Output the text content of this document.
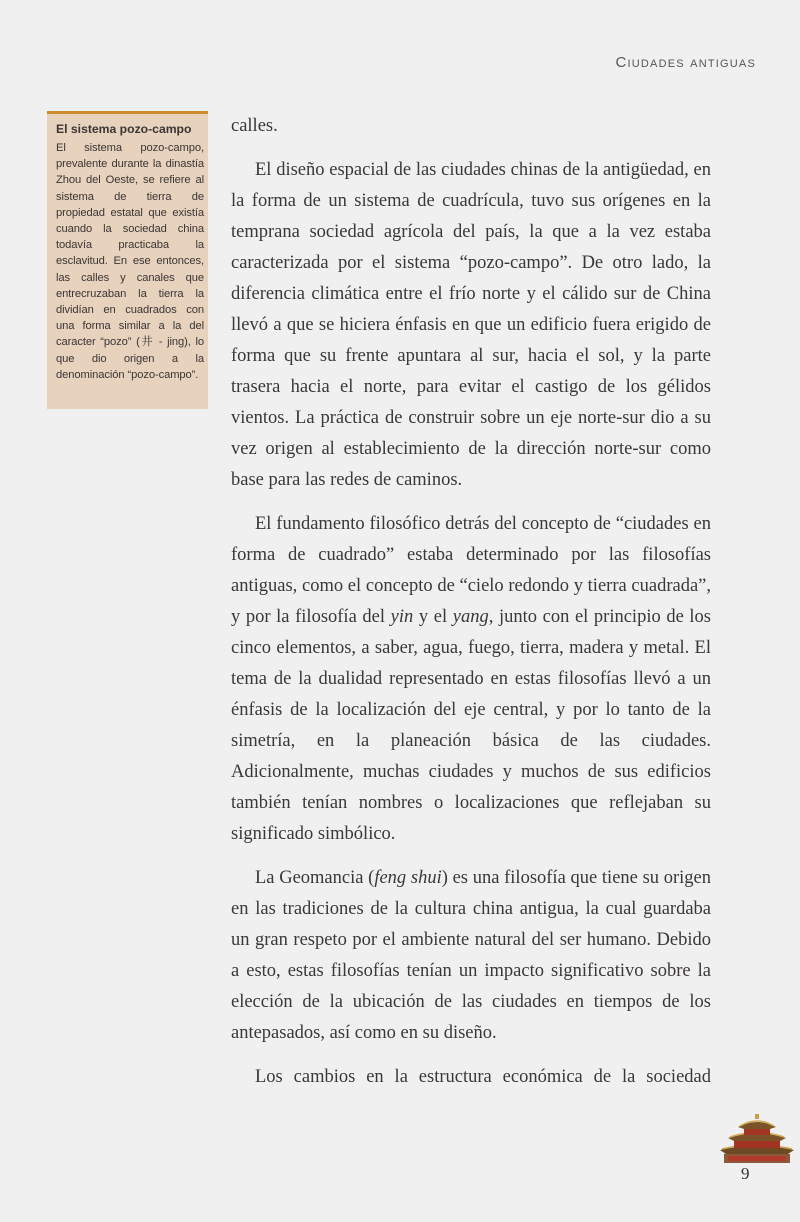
Ciudades antiguas
El sistema pozo-campo
El sistema pozo-campo, prevalente durante la dinastía Zhou del Oeste, se refiere al sistema de tierra de propiedad estatal que existía cuando la sociedad china todavía practicaba la esclavitud. En ese entonces, las calles y canales que entrecruzaban la tierra la dividían en cuadrados con una forma similar a la del caracter “pozo” (井 - jing), lo que dio origen a la denominación “pozo-campo”.

calles.

El diseño espacial de las ciudades chinas de la antigüedad, en la forma de un sistema de cuadrícula, tuvo sus orígenes en la temprana sociedad agrícola del país, la que a la vez estaba caracterizada por el sistema “pozo-campo”. De otro lado, la diferencia climática entre el frío norte y el cálido sur de China llevó a que se hiciera énfasis en que un edificio fuera erigido de forma que su frente apuntara al sur, hacia el sol, y la parte trasera hacia el norte, para evitar el castigo de los gélidos vientos. La práctica de construir sobre un eje norte-sur dio a su vez origen al establecimiento de la dirección norte-sur como base para las redes de caminos.

El fundamento filosófico detrás del concepto de “ciudades en forma de cuadrado” estaba determinado por las filosofías antiguas, como el concepto de “cielo redondo y tierra cuadrada”, y por la filosofía del yin y el yang, junto con el principio de los cinco elementos, a saber, agua, fuego, tierra, madera y metal. El tema de la dualidad representado en estas filosofías llevó a un énfasis de la localización del eje central, y por lo tanto de la simetría, en la planeación básica de las ciudades. Adicionalmente, muchas ciudades y muchos de sus edificios también tenían nombres o localizaciones que reflejaban su significado simbólico.

La Geomancia (feng shui) es una filosofía que tiene su origen en las tradiciones de la cultura china antigua, la cual guardaba un gran respeto por el ambiente natural del ser humano. Debido a esto, estas filosofías tenían un impacto significativo sobre la elección de la ubicación de las ciudades en tiempos de los antepasados, así como en su diseño.

Los cambios en la estructura económica de la sociedad

9
